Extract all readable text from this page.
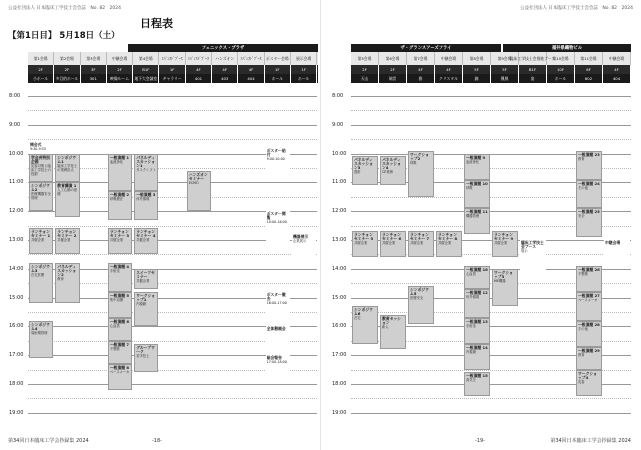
公益社団法人 日本臨床工学技士会会誌　No. 82　2024
日程表
【第1日目】 5月18日（土）
フェニックス・プラザ
第1会場	第2会場	第3会場	中継会場	第4会場	ｴﾊﾞﾝｽﾄﾞﾌﾞｰｽ	ｴﾊﾞﾝｽﾄﾞﾌﾞｰｽ	ハンズオン	ｴﾊﾞﾝｽﾄﾞﾌﾞｰｽ	ポスター会場	展示会場
2F	2F	3F	2F	B1F	1F	4F	4F	4F	1F	1F
小ホール	多目的ホール	301	映像ルーム	地下大会議室	ギャラリー	401	403	404	ホール	ホール
8:00
9:00
10:00
11:00
12:00
13:00
14:00
15:00
16:00
17:00
18:00
19:00
開会式
9:40-9:55
学会長特別企画
災害対策と臨床工学技士の役割
シンポジウム1
臨床工学技士の業務拡大
一般演題 1
血液浄化
パネルディスカッション1
タスクシフト
ポスター貼付
9:00-10:00
シンポジウム2
医療機器安全管理
一般演題 2
呼吸療法
教育講演 1
人工心肺の基礎	一般演題 3
体外循環
ハンズオンセミナー
ECMO
ポスター閲覧
10:00-16:00
ランチョンセミナー 1
共催企業
ランチョンセミナー 2
共催企業
ランチョンセミナー 3
共催企業
ランチョンセミナー 4
共催企業
機器展示
企業展示
シンポジウム3
在宅医療
パネルディスカッション2
教育
一般演題 4
手術室	スイーツセミナー
共催企業
一般演題 5
集中治療
ワークショップ1
内視鏡
一般演題 6
心血管
一般演題 7
不整脈
一般演題 8
ペースメーカ
ポスター撤去
16:00-17:00
シンポジウム4
周術期管理
グループワーク
若手技士
全体懇親会
総会報告
17:00-18:00
第34回日本臨床工学会抄録集 2024	-18-
公益社団法人 日本臨床工学技士会会誌　No. 82　2024
ザ・グランスアーズフライ	福井県織物ビル
第5会場	第6会場	第7会場	中継会場	第8会場	第9会場
臨床工学技士会推進ブース
第10会場	第11会場	中継会場
2F	2F	4F	4F	5F	5F	B1F	10F	6F	4F
天山	瑞雲	雅	クリスタル	錦	鳳凰	宴	ホール	602	404
8:00
9:00
10:00
11:00
12:00
13:00
14:00
15:00
16:00
17:00
18:00
19:00
パネルディスカッション3
透析
パネルディスカッション4
CE業務
ワークショップ2
呼吸
一般演題 9
血液浄化
一般演題 10
呼吸
一般演題 11
機器管理
一般演題 23
教育
一般演題 24
その他
一般演題 25
安全
ランチョンセミナー 5
共催企業
ランチョンセミナー 6
共催企業
ランチョンセミナー 7
共催企業
ランチョンセミナー 8
共催企業
ランチョンセミナー 9
共催企業	臨床工学技士会ブース
展示
中継会場
シンポジウム5
医療安全
一般演題 12
体外循環
一般演題 13
手術室
一般演題 14
内視鏡
一般演題 15
高気圧
一般演題 16
心血管
一般演題 26
不整脈
一般演題 27
ペースメーカ
一般演題 28
その他
ワークショップ3
ME機器
一般演題 29
教育
ワークショップ4
災害
教育セッション
新人
シンポジウム6
在宅
-19-	第34回日本臨床工学会抄録集 2024
